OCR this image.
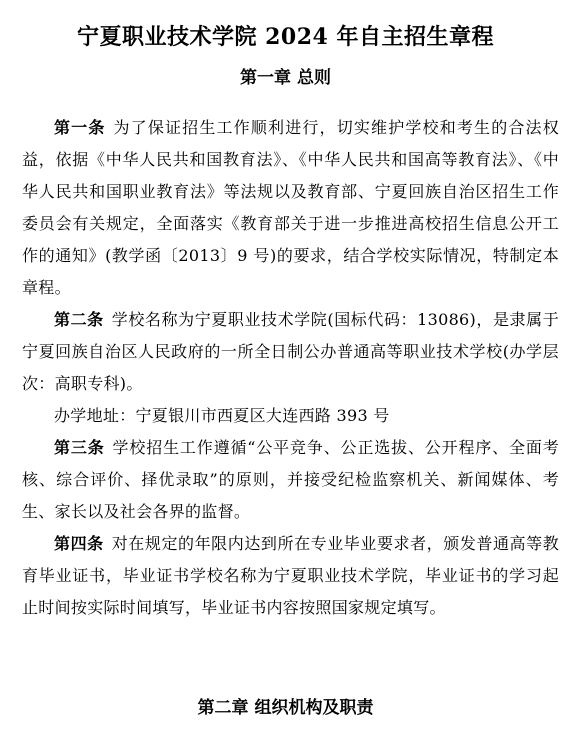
宁夏职业技术学院 2024 年自主招生章程
第一章 总则

第一条 为了保证招生工作顺利进行，切实维护学校和考生的合法权益，依据《中华人民共和国教育法》、《中华人民共和国高等教育法》、《中华人民共和国职业教育法》等法规以及教育部、宁夏回族自治区招生工作委员会有关规定，全面落实《教育部关于进一步推进高校招生信息公开工作的通知》(教学函〔2013〕9 号)的要求，结合学校实际情况，特制定本章程。

第二条 学校名称为宁夏职业技术学院(国标代码：13086)，是隶属于宁夏回族自治区人民政府的一所全日制公办普通高等职业技术学校(办学层次：高职专科)。

办学地址：宁夏银川市西夏区大连西路 393 号

第三条 学校招生工作遵循“公平竞争、公正选拔、公开程序、全面考核、综合评价、择优录取”的原则，并接受纪检监察机关、新闻媒体、考生、家长以及社会各界的监督。

第四条 对在规定的年限内达到所在专业毕业要求者，颁发普通高等教育毕业证书，毕业证书学校名称为宁夏职业技术学院，毕业证书的学习起止时间按实际时间填写，毕业证书内容按照国家规定填写。

第二章 组织机构及职责
